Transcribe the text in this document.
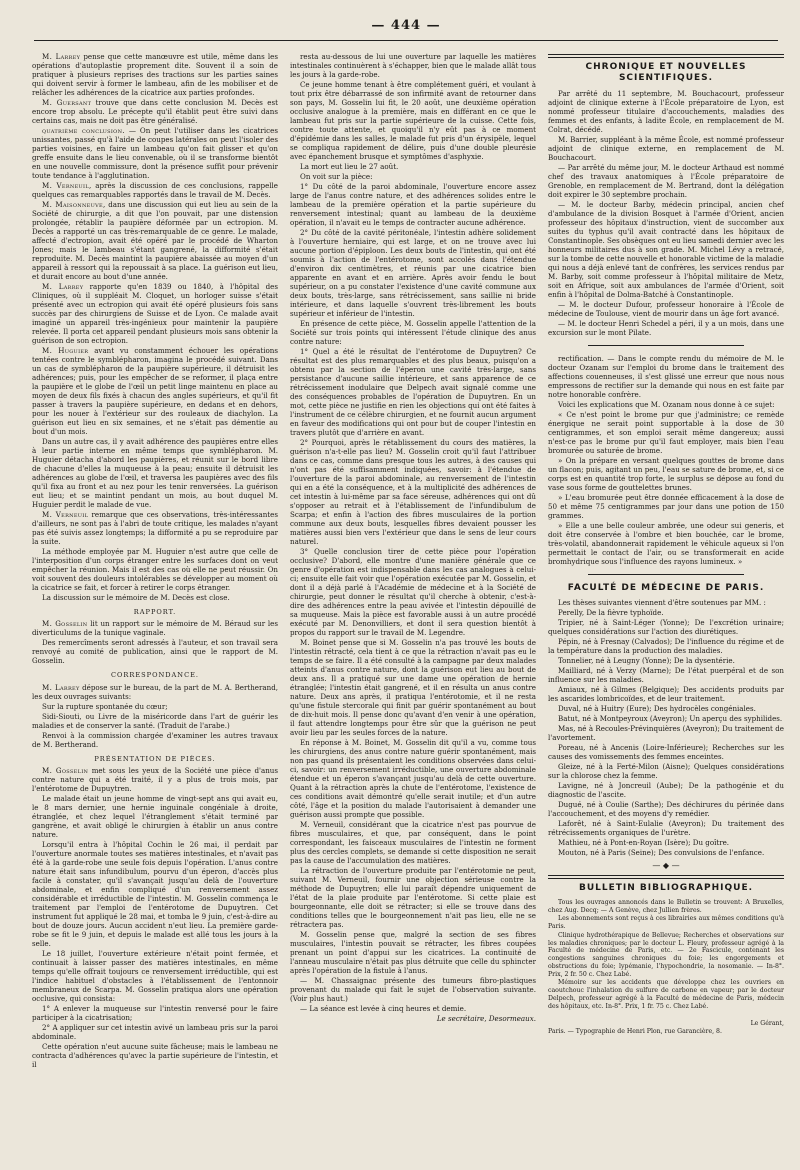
— 444 —

M. Larrey pense que cette manœuvre est utile, même dans les opérations d'autoplastie proprement dite. Souvent il a soin de pratiquer à plusieurs reprises des tractions sur les parties saines qui doivent servir à former le lambeau, afin de les mobiliser et de relâcher les adhérences de la cicatrice aux parties profondes.

M. Guersant trouve que dans cette conclusion M. Decès est encore trop absolu. Le précepte qu'il établit peut être suivi dans certains cas, mais ne doit pas être généralisé.

quatrième conclusion. — On peut l'utiliser dans les cicatrices unissantes, passé qu'à l'aide de coupes latérales on peut l'isoler des parties voisines, en faire un lambeau qu'on fait glisser et qu'on greffe ensuite dans le lieu convenable, où il se transforme bientôt en une nouvelle commissure, dont la présence suffit pour prévenir toute tendance à l'agglutination.

M. Verneuil, après la discussion de ces conclusions, rappelle quelques cas remarquables rapportés dans le travail de M. Decès.

M. Maisonneuve, dans une discussion qui eut lieu au sein de la Société de chirurgie, a dit que l'on pouvait, par une distension prolongée, rétablir la paupière déformée par un ectropion. M. Decès a rapporté un cas très-remarquable de ce genre. Le malade, affecté d'ectropion, avait été opéré par le procédé de Wharton Jones; mais le lambeau s'étant gangrené, la difformité s'était reproduite. M. Decès maintint la paupière abaissée au moyen d'un appareil à ressort qui la repoussait à sa place. La guérison eut lieu, et durait encore au bout d'une année.

M. Larrey rapporte qu'en 1839 ou 1840, à l'hôpital des Cliniques, où il suppléait M. Cloquet, un horloger suisse s'était présenté avec un ectropion qui avait été opéré plusieurs fois sans succès par des chirurgiens de Suisse et de Lyon. Ce malade avait imaginé un appareil très-ingénieux pour maintenir la paupière relevée. Il porta cet appareil pendant plusieurs mois sans obtenir la guérison de son ectropion.

M. Huguier avant vu constamment échouer les opérations tentées contre le symblépharon, imagina le procédé suivant. Dans un cas de symblépharon de la paupière supérieure, il détruisit les adhérences; puis, pour les empêcher de se reformer, il plaça entre la paupière et le globe de l'œil un petit linge maintenu en place au moyen de deux fils fixés à chacun des angles supérieurs, et qu'il fit passer à travers la paupière supérieure, en dedans et en dehors, pour les nouer à l'extérieur sur des rouleaux de diachylon. La guérison eut lieu en six semaines, et ne s'était pas démentie au bout d'un mois.

Dans un autre cas, il y avait adhérence des paupières entre elles à leur partie interne en même temps que symblépharon. M. Huguier détacha d'abord les paupières, et réunit sur le bord libre de chacune d'elles la muqueuse à la peau; ensuite il détruisit les adhérences au globe de l'œil, et traversa les paupières avec des fils qu'il fixa au front et au nez pour les tenir renversées. La guérison eut lieu; et se maintint pendant un mois, au bout duquel M. Huguier perdit le malade de vue.

M. Verneuil remarque que ces observations, très-intéressantes d'ailleurs, ne sont pas à l'abri de toute critique, les malades n'ayant pas été suivis assez longtemps; la difformité a pu se reproduire par la suite.

La méthode employée par M. Huguier n'est autre que celle de l'interposition d'un corps étranger entre les surfaces dont on veut empêcher la réunion. Mais il est des cas où elle ne peut réussir. On voit souvent des douleurs intolérables se développer au moment où la cicatrice se fait, et forcer à retirer le corps étranger.

La discussion sur le mémoire de M. Decès est close.

RAPPORT.

M. Gosselin lit un rapport sur le mémoire de M. Béraud sur les diverticulums de la tunique vaginale.

Des remercîments seront adressés à l'auteur, et son travail sera renvoyé au comité de publication, ainsi que le rapport de M. Gosselin.

CORRESPONDANCE.

M. Larrey dépose sur le bureau, de la part de M. A. Bertherand, les deux ouvrages suivants:

Sur la rupture spontanée du cœur;

Sidi-Siouti, ou Livre de la miséricorde dans l'art de guérir les maladies et de conserver la santé. (Traduit de l'arabe.)

Renvoi à la commission chargée d'examiner les autres travaux de M. Bertherand.

PRÉSENTATION DE PIÈCES.

M. Gosselin met sous les yeux de la Société une pièce d'anus contre nature qui a été traité, il y a plus de trois mois, par l'entérotome de Dupuytren.

Le malade était un jeune homme de vingt-sept ans qui avait eu, le 8 mars dernier, une hernie inguinale congéniale à droite, étranglée, et chez lequel l'étranglement s'était terminé par gangrène, et avait obligé le chirurgien à établir un anus contre nature.

Lorsqu'il entra à l'hôpital Cochin le 26 mai, il perdait par l'ouverture anormale toutes ses matières intestinales, et n'avait pas été à la garde-robe une seule fois depuis l'opération. L'anus contre nature était sans infundibulum, pourvu d'un éperon, d'accès plus facile à constater, qu'il s'avançait jusqu'au delà de l'ouverture abdominale, et enfin compliqué d'un renversement assez considérable et irréductible de l'intestin. M. Gosselin commença le traitement par l'emploi de l'entérotome de Dupuytren. Cet instrument fut appliqué le 28 mai, et tomba le 9 juin, c'est-à-dire au bout de douze jours. Aucun accident n'eut lieu. La première garde-robe se fit le 9 juin, et depuis le malade est allé tous les jours à la selle.

Le 18 juillet, l'ouverture extérieure n'était point fermée, et continuait à laisser passer des matières intestinales, en même temps qu'elle offrait toujours ce renversement irréductible, qui est l'indice habituel d'obstacles à l'établissement de l'entonnoir membraneux de Scarpa. M. Gosselin pratiqua alors une opération occlusive, qui consista:

1° A enlever la muqueuse sur l'intestin renversé pour le faire participer à la cicatrisation;

2° A appliquer sur cet intestin avivé un lambeau pris sur la paroi abdominale.

Cette opération n'eut aucune suite fâcheuse; mais le lambeau ne contracta d'adhérences qu'avec la partie supérieure de l'intestin, et il

resta au-dessous de lui une ouverture par laquelle les matières intestinales continuèrent à s'échapper, bien que le malade allât tous les jours à la garde-robe.

Ce jeune homme tenant à être complétement guéri, et voulant à tout prix être débarrassé de son infirmité avant de retourner dans son pays, M. Gosselin lui fit, le 20 août, une deuxième opération occlusive analogue à la première, mais en différant en ce que le lambeau fut pris sur la partie supérieure de la cuisse. Cette fois, contre toute attente, et quoiqu'il n'y eût pas à ce moment d'épidémie dans les salles, le malade fut pris d'un érysipèle, lequel se compliqua rapidement de délire, puis d'une double pleurésie avec épanchement brusque et symptômes d'asphyxie.

La mort eut lieu le 27 août.

On voit sur la pièce:

1° Du côté de la paroi abdominale, l'ouverture encore assez large de l'anus contre nature, et des adhérences solides entre le lambeau de la première opération et la partie supérieure du renversement intestinal; quant au lambeau de la deuxième opération, il n'avait eu le temps de contracter aucune adhérence.

2° Du côté de la cavité péritonéale, l'intestin adhère solidement à l'ouverture herniaire, qui est large, et on ne trouve avec lui aucune portion d'épiploon. Les deux bouts de l'intestin, qui ont été soumis à l'action de l'entérotome, sont accolés dans l'étendue d'environ dix centimètres, et réunis par une cicatrice bien apparente en avant et en arrière. Après avoir fendu le bout supérieur, on a pu constater l'existence d'une cavité commune aux deux bouts, très-large, sans rétrécissement, sans saillie ni bride intérieure, et dans laquelle s'ouvrent très-librement les bouts supérieur et inférieur de l'intestin.

En présence de cette pièce, M. Gosselin appelle l'attention de la Société sur trois points qui intéressent l'étude clinique des anus contre nature:

1° Quel a été le résultat de l'entérotome de Dupuytren? Ce résultat est des plus remarquables et des plus beaux, puisqu'on a obtenu par la section de l'éperon une cavité très-large, sans persistance d'aucune saillie intérieure, et sans apparence de ce rétrécissement inodulaire que Delpech avait signalé comme une des conséquences probables de l'opération de Dupuytren. En un mot, cette pièce ne justifie en rien les objections qui ont été faites à l'instrument de ce célèbre chirurgien, et ne fournit aucun argument en faveur des modifications qui ont pour but de couper l'intestin en travers plutôt que d'arrière en avant.

2° Pourquoi, après le rétablissement du cours des matières, la guérison n'a-t-elle pas lieu? M. Gosselin croit qu'il faut l'attribuer dans ce cas, comme dans presque tous les autres, à des causes qui n'ont pas été suffisamment indiquées, savoir: à l'étendue de l'ouverture de la paroi abdominale, au renversement de l'intestin qui en a été la conséquence, et à la multiplicité des adhérences de cet intestin à lui-même par sa face séreuse, adhérences qui ont dû s'opposer au retrait et à l'établissement de l'infundibulum de Scarpa; et enfin à l'action des fibres musculaires de la portion commune aux deux bouts, lesquelles fibres devaient pousser les matières aussi bien vers l'extérieur que dans le sens de leur cours naturel.

3° Quelle conclusion tirer de cette pièce pour l'opération occlusive? D'abord, elle montre d'une manière générale que ce genre d'opération est indispensable dans les cas analogues à celui-ci; ensuite elle fait voir que l'opération exécutée par M. Gosselin, et dont il a déjà parlé à l'Académie de médecine et à la Société de chirurgie, peut donner le résultat qu'il cherche à obtenir, c'est-à-dire des adhérences entre la peau avivée et l'intestin dépouillé de sa muqueuse. Mais la pièce est favorable aussi à un autre procédé exécuté par M. Denonvilliers, et dont il sera question bientôt à propos du rapport sur le travail de M. Legendre.

M. Boinet pense que si M. Gosselin n'a pas trouvé les bouts de l'intestin rétracté, cela tient à ce que la rétraction n'avait pas eu le temps de se faire. Il a été consulté à la campagne par deux malades atteints d'anus contre nature, dont la guérison eut lieu au bout de deux ans. Il a pratiqué sur une dame une opération de hernie étranglée; l'intestin était gangrené, et il en résulta un anus contre nature. Deux ans après, il pratiqua l'entérotomie, et il ne resta qu'une fistule stercorale qui finit par guérir spontanément au bout de dix-huit mois. Il pense donc qu'avant d'en venir à une opération, il faut attendre longtemps pour être sûr que la guérison ne peut avoir lieu par les seules forces de la nature.

En réponse à M. Boinet, M. Gosselin dit qu'il a vu, comme tous les chirurgiens, des anus contre nature guérir spontanément, mais non pas quand ils présentaient les conditions observées dans celui-ci, savoir: un renversement irréductible, une ouverture abdominale étendue et un éperon s'avançant jusqu'au delà de cette ouverture. Quant à la rétraction après la chute de l'entérotome, l'existence de ces conditions avait démontré qu'elle serait inutile; et d'un autre côté, l'âge et la position du malade l'autorisaient à demander une guérison aussi prompte que possible.

M. Verneuil, considérant que la cicatrice n'est pas pourvue de fibres musculaires, et que, par conséquent, dans le point correspondant, les faisceaux musculaires de l'intestin ne forment plus des cercles complets, se demande si cette disposition ne serait pas la cause de l'accumulation des matières.

La rétraction de l'ouverture produite par l'entérotomie ne peut, suivant M. Verneuil, fournir une objection sérieuse contre la méthode de Dupuytren; elle lui paraît dépendre uniquement de l'état de la plaie produite par l'entérotome. Si cette plaie est bourgeonnante, elle doit se rétracter; si elle se trouve dans des conditions telles que le bourgeonnement n'ait pas lieu, elle ne se rétractera pas.

M. Gosselin pense que, malgré la section de ses fibres musculaires, l'intestin pouvait se rétracter, les fibres coupées prenant un point d'appui sur les cicatrices. La continuité de l'anneau musculaire n'était pas plus détruite que celle du sphincter après l'opération de la fistule à l'anus.

— M. Chassaignac présente des tumeurs fibro-plastiques provenant du malade qui fait le sujet de l'observation suivante. (Voir plus haut.)

— La séance est levée à cinq heures et demie.

Le secrétaire, Desormeaux.

CHRONIQUE ET NOUVELLES SCIENTIFIQUES.

Par arrêté du 11 septembre, M. Bouchacourt, professeur adjoint de clinique externe à l'École préparatoire de Lyon, est nommé professeur titulaire d'accouchements, maladies des femmes et des enfants, à ladite École, en remplacement de M. Colrat, décédé.

M. Barrier, suppléant à la même École, est nommé professeur adjoint de clinique externe, en remplacement de M. Bouchacourt.

— Par arrêté du même jour, M. le docteur Arthaud est nommé chef des travaux anatomiques à l'École préparatoire de Grenoble, en remplacement de M. Bertrand, dont la délégation doit expirer le 30 septembre prochain.

— M. le docteur Barby, médecin principal, ancien chef d'ambulance de la division Bosquet à l'armée d'Orient, ancien professeur des hôpitaux d'instruction, vient de succomber aux suites du typhus qu'il avait contracté dans les hôpitaux de Constantinople. Ses obsèques ont eu lieu samedi dernier avec les honneurs militaires dus à son grade. M. Michel Lévy a retracé, sur la tombe de cette nouvelle et honorable victime de la maladie qui nous a déjà enlevé tant de confrères, les services rendus par M. Barby, soit comme professeur à l'hôpital militaire de Metz, soit en Afrique, soit aux ambulances de l'armée d'Orient, soit enfin à l'hôpital de Dolma-Batché à Constantinople.

— M. le docteur Dufour, professeur honoraire à l'École de médecine de Toulouse, vient de mourir dans un âge fort avancé.

— M. le docteur Henri Schedel a péri, il y a un mois, dans une excursion sur le mont Pilate.

rectification. — Dans le compte rendu du mémoire de M. le docteur Ozanam sur l'emploi du brome dans le traitement des affections couenneuses, il s'est glissé une erreur que nous nous empressons de rectifier sur la demande qui nous en est faite par notre honorable confrère.

Voici les explications que M. Ozanam nous donne à ce sujet:

« Ce n'est point le brome pur que j'administre; ce remède énergique ne serait point supportable à la dose de 30 centigrammes, et son emploi serait même dangereux; aussi n'est-ce pas le brome pur qu'il faut employer, mais bien l'eau bromurée ou saturée de brome.

» On la prépare en versant quelques gouttes de brome dans un flacon; puis, agitant un peu, l'eau se sature de brome, et, si ce corps est en quantité trop forte, le surplus se dépose au fond du vase sous forme de gouttelettes brunes.

» L'eau bromurée peut être donnée efficacement à la dose de 50 et même 75 centigrammes par jour dans une potion de 150 grammes.

» Elle a une belle couleur ambrée, une odeur sui generis, et doit être conservée à l'ombre et bien bouchée, car le brome, très-volatil, abandonnerait rapidement le véhicule aqueux si l'on permettait le contact de l'air, ou se transformerait en acide bromhydrique sous l'influence des rayons lumineux. »

FACULTÉ DE MÉDECINE DE PARIS.

Les thèses suivantes viennent d'être soutenues par MM. :

Perelly, De la fièvre typhoïde.

Tripier, né à Saint-Léger (Yonne); De l'excrétion urinaire; quelques considérations sur l'action des diurétiques.

Pépin, né à Fresnay (Calvados); De l'influence du régime et de la température dans la production des maladies.

Tonnelier, né à Leugny (Yonne); De la dysentérie.

Mailliard, né à Verzy (Marne); De l'état puerpéral et de son influence sur les maladies.

Amiaux, né à Gilmes (Belgique); Des accidents produits par les ascarides lombricoïdes, et de leur traitement.

Duval, né à Huitry (Eure); Des hydrocèles congéniales.

Batut, né à Montpeyroux (Aveyron); Un aperçu des syphilides.

Mas, né à Recoules-Prévinquières (Aveyron); Du traitement de l'avortement.

Poreau, né à Ancenis (Loire-Inférieure); Recherches sur les causes des vomissements des femmes enceintes.

Gleize, né à la Ferté-Milon (Aisne); Quelques considérations sur la chlorose chez la femme.

Lavigne, né à Joncreuil (Aube); De la pathogénie et du diagnostic de l'ascite.

Dugué, né à Coulie (Sarthe); Des déchirures du périnée dans l'accouchement, et des moyens d'y remédier.

Laforêt, né à Saint-Eulalie (Aveyron); Du traitement des rétrécissements organiques de l'urètre.

Mathieu, né à Pont-en-Royan (Isère); Du goître.

Mouton, né à Paris (Seine); Des convulsions de l'enfance.

— ◆ —
BULLETIN BIBLIOGRAPHIQUE.

Tous les ouvrages annoncés dans le Bulletin se trouvent: A Bruxelles, chez Aug. Decq; — A Genève, chez Jullien frères.

Les abonnements sont reçus à ces librairies aux mêmes conditions qu'à Paris.

Clinique hydrothérapique de Bellevue; Recherches et observations sur les maladies chroniques; par le docteur L. Fleury, professeur agrégé à la Faculté de médecine de Paris, etc. — 2e Fascicule, contenant les congestions sanguines chroniques du foie; les engorgements et obstructions du foie; lypémanie, l'hypochondrie, la nosomanie. — In-8°. Prix, 2 fr. 50 c. Chez Labé.

Mémoire sur les accidents que développe chez les ouvriers en caoutchouc l'inhalation du sulfure de carbone en vapeur; par le docteur Delpech, professeur agrégé à la Faculté de médecine de Paris, médecin des hôpitaux, etc. In-8°. Prix, 1 fr. 75 c. Chez Labé.

Le Gérant,
Paris. — Typographie de Henri Plon, rue Garancière, 8.
